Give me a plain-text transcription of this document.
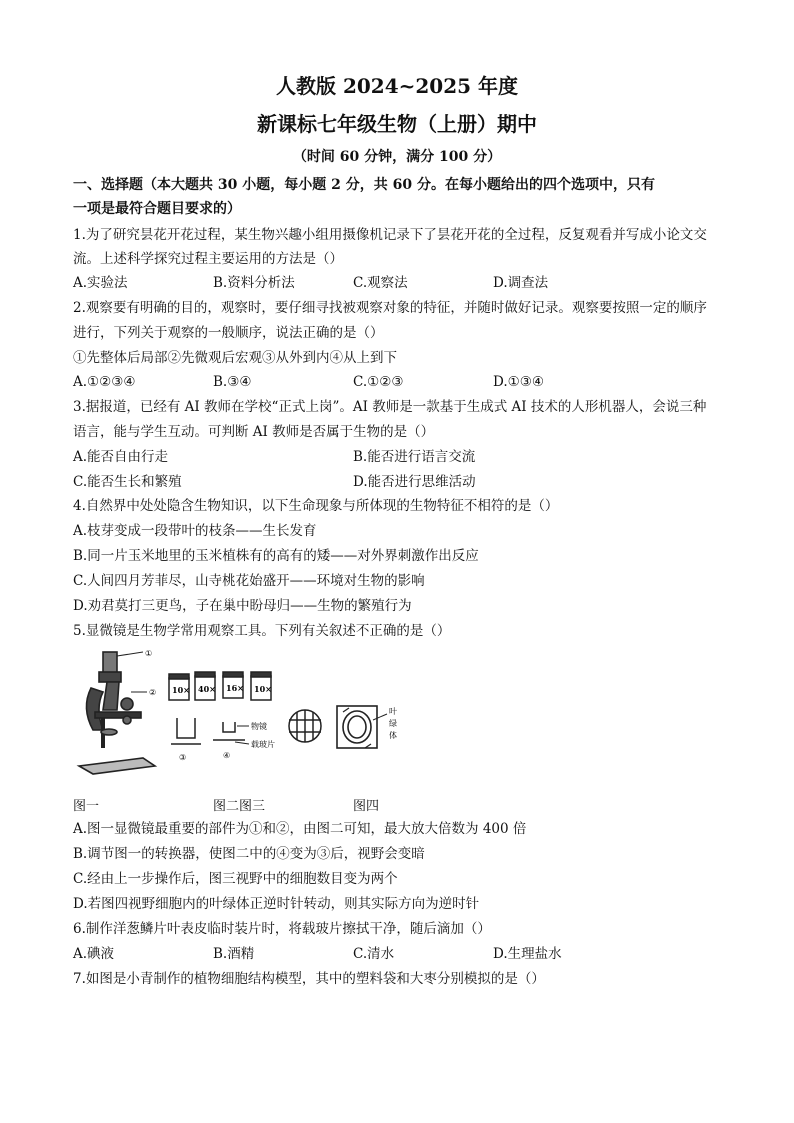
人教版 2024~2025 年度
新课标七年级生物（上册）期中
（时间 60 分钟，满分 100 分）
一、选择题（本大题共 30 小题，每小题 2 分，共 60 分。在每小题给出的四个选项中，只有
一项是最符合题目要求的）
1.为了研究昙花开花过程，某生物兴趣小组用摄像机记录下了昙花开花的全过程，反复观看并写成小论文交
流。上述科学探究过程主要运用的方法是（）
A.实验法	B.资料分析法	C.观察法	D.调查法
2.观察要有明确的目的，观察时，要仔细寻找被观察对象的特征，并随时做好记录。观察要按照一定的顺序
进行，下列关于观察的一般顺序，说法正确的是（）
①先整体后局部②先微观后宏观③从外到内④从上到下
A.①②③④	B.③④	C.①②③	D.①③④
3.据报道，已经有 AI 教师在学校“正式上岗”。AI 教师是一款基于生成式 AI 技术的人形机器人，会说三种
语言，能与学生互动。可判断 AI 教师是否属于生物的是（）
A.能否自由行走	B.能否进行语言交流
C.能否生长和繁殖	D.能否进行思维活动
4.自然界中处处隐含生物知识，以下生命现象与所体现的生物特征不相符的是（）
A.枝芽变成一段带叶的枝条——生长发育
B.同一片玉米地里的玉米植株有的高有的矮——对外界刺激作出反应
C.人间四月芳菲尽，山寺桃花始盛开——环境对生物的影响
D.劝君莫打三更鸟，子在巢中盼母归——生物的繁殖行为
5.显微镜是生物学常用观察工具。下列有关叙述不正确的是（）
①
② 10× 40× 16× 10×
物镜
载玻片
③	④
叶
绿
体
图一	图二图三	图四
A.图一显微镜最重要的部件为①和②，由图二可知，最大放大倍数为 400 倍
B.调节图一的转换器，使图二中的④变为③后，视野会变暗
C.经由上一步操作后，图三视野中的细胞数目变为两个
D.若图四视野细胞内的叶绿体正逆时针转动，则其实际方向为逆时针
6.制作洋葱鳞片叶表皮临时装片时，将载玻片擦拭干净，随后滴加（）
A.碘液	B.酒精	C.清水	D.生理盐水
7.如图是小青制作的植物细胞结构模型，其中的塑料袋和大枣分别模拟的是（）
